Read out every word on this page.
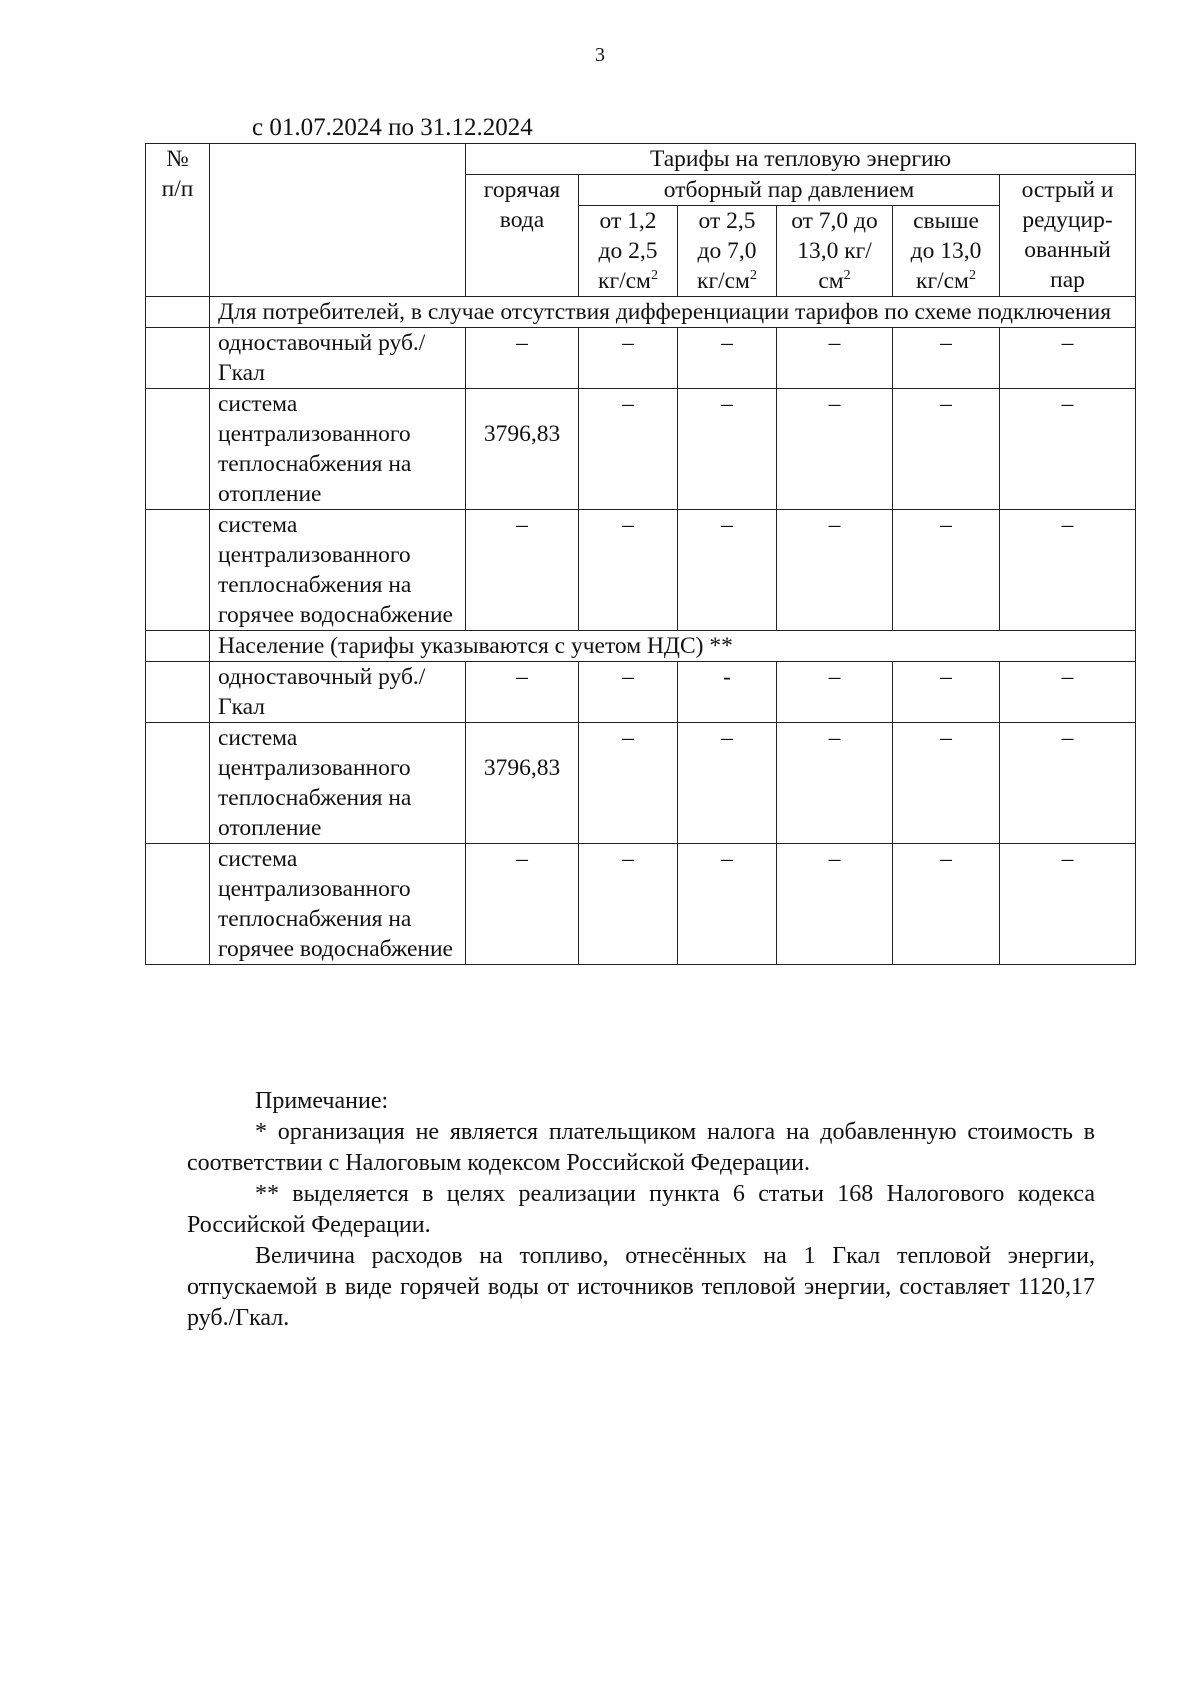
3
с 01.07.2024 по 31.12.2024
№ п/п		Тарифы на тепловую энергию					
		горячая вода	отборный пар давлением				острый и редуцир-ованный пар
			от 1,2 до 2,5 $кг/см^2$	от 2,5 до 7,0 $кг/см^2$	от 7,0 до 13,0 $кг/см^2$	свыше до 13,0 $кг/см^2$
	Для потребителей, в случае отсутствия дифференциации тарифов по схеме подключения						
	одноставочный руб./Гкал	–	–	–	–	–	–
	система централизованного теплоснабжения на отопление	3796,83	–	–	–	–	–
	система централизованного теплоснабжения на горячее водоснабжение	–	–	–	–	–	–
	Население (тарифы указываются с учетом НДС) **						
	одноставочный руб./Гкал	–	–	-	–	–	–
	система централизованного теплоснабжения на отопление	3796,83	–	–	–	–	–
	система централизованного теплоснабжения на горячее водоснабжение	–	–	–	–	–	–

Примечание:

* организация не является плательщиком налога на добавленную стоимость в соответствии с Налоговым кодексом Российской Федерации.

** выделяется в целях реализации пункта 6 статьи 168 Налогового кодекса Российской Федерации.

Величина расходов на топливо, отнесённых на 1 Гкал тепловой энергии, отпускаемой в виде горячей воды от источников тепловой энергии, составляет 1120,17 руб./Гкал.
